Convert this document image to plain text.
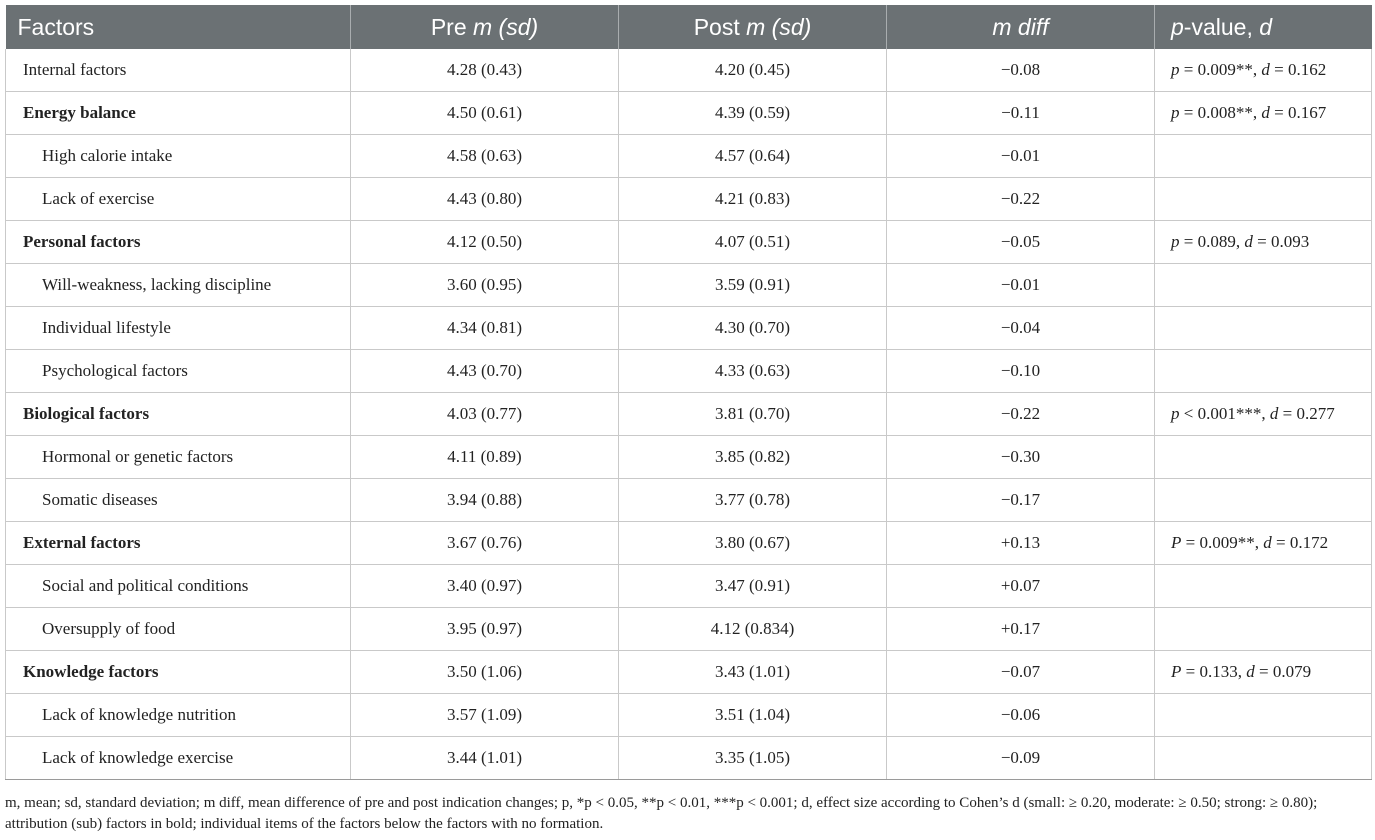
Factors	Pre m (sd)	Post m (sd)	m diff	p-value, d
Internal factors	4.28 (0.43)	4.20 (0.45)	−0.08	p = 0.009**, d = 0.162
Energy balance	4.50 (0.61)	4.39 (0.59)	−0.11	p = 0.008**, d = 0.167
High calorie intake	4.58 (0.63)	4.57 (0.64)	−0.01	
Lack of exercise	4.43 (0.80)	4.21 (0.83)	−0.22	
Personal factors	4.12 (0.50)	4.07 (0.51)	−0.05	p = 0.089, d = 0.093
Will-weakness, lacking discipline	3.60 (0.95)	3.59 (0.91)	−0.01	
Individual lifestyle	4.34 (0.81)	4.30 (0.70)	−0.04	
Psychological factors	4.43 (0.70)	4.33 (0.63)	−0.10	
Biological factors	4.03 (0.77)	3.81 (0.70)	−0.22	p < 0.001***, d = 0.277
Hormonal or genetic factors	4.11 (0.89)	3.85 (0.82)	−0.30	
Somatic diseases	3.94 (0.88)	3.77 (0.78)	−0.17	
External factors	3.67 (0.76)	3.80 (0.67)	+0.13	P = 0.009**, d = 0.172
Social and political conditions	3.40 (0.97)	3.47 (0.91)	+0.07	
Oversupply of food	3.95 (0.97)	4.12 (0.834)	+0.17	
Knowledge factors	3.50 (1.06)	3.43 (1.01)	−0.07	P = 0.133, d = 0.079
Lack of knowledge nutrition	3.57 (1.09)	3.51 (1.04)	−0.06	
Lack of knowledge exercise	3.44 (1.01)	3.35 (1.05)	−0.09	
m, mean; sd, standard deviation; m diff, mean difference of pre and post indication changes; p, *p < 0.05, **p < 0.01, ***p < 0.001; d, effect size according to Cohen’s d (small: ≥ 0.20, moderate: ≥ 0.50; strong: ≥ 0.80); attribution (sub) factors in bold; individual items of the factors below the factors with no formation.
